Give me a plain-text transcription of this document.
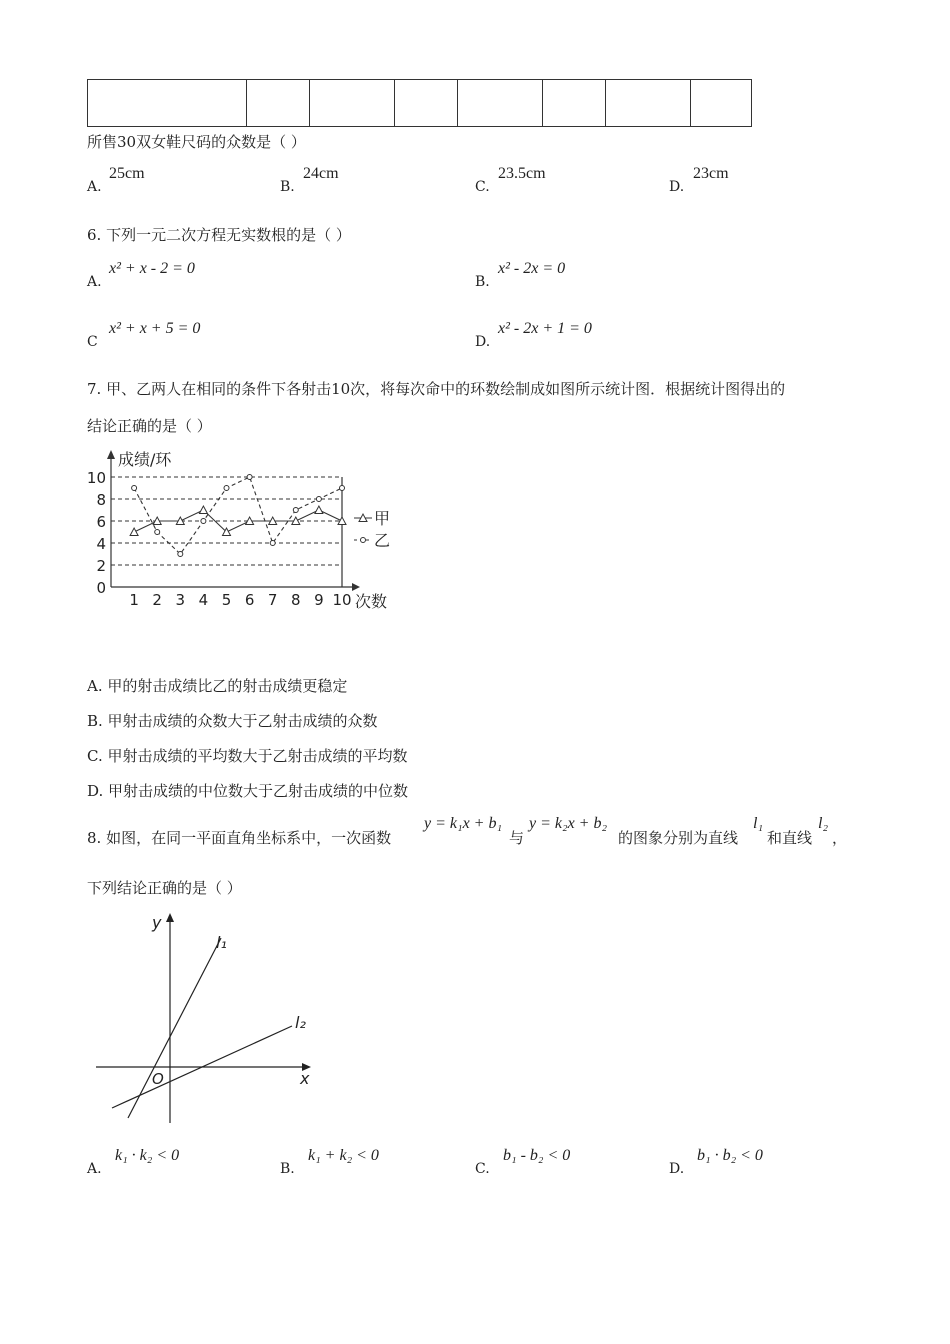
所售30双女鞋尺码的众数是（ ）
A.
25cm
B.
24cm
C.
23.5cm
D.
23cm
6. 下列一元二次方程无实数根的是（ ）
A.
x² + x - 2 = 0
B.
x² - 2x = 0
C
x² + x + 5 = 0
D.
x² - 2x + 1 = 0
7. 甲、乙两人在相同的条件下各射击10次，将每次命中的环数绘制成如图所示统计图．根据统计图得出的
结论正确的是（ ）
成绩/环
次数
0
2
4
6
8
10
1 2 3 4 5 6 7 8 9 10
甲
乙
A. 甲的射击成绩比乙的射击成绩更稳定
B. 甲射击成绩的众数大于乙射击成绩的众数
C. 甲射击成绩的平均数大于乙射击成绩的平均数
D. 甲射击成绩的中位数大于乙射击成绩的中位数
8. 如图，在同一平面直角坐标系中，一次函数
y = k₁x + b₁
与
y = k₂x + b₂
的图象分别为直线
l₁
和直线
l₂
，
下列结论正确的是（ ）
y
x
O
l₁
l₂
A.
k₁ · k₂ < 0
B.
k₁ + k₂ < 0
C.
b₁ - b₂ < 0
D.
b₁ · b₂ < 0
